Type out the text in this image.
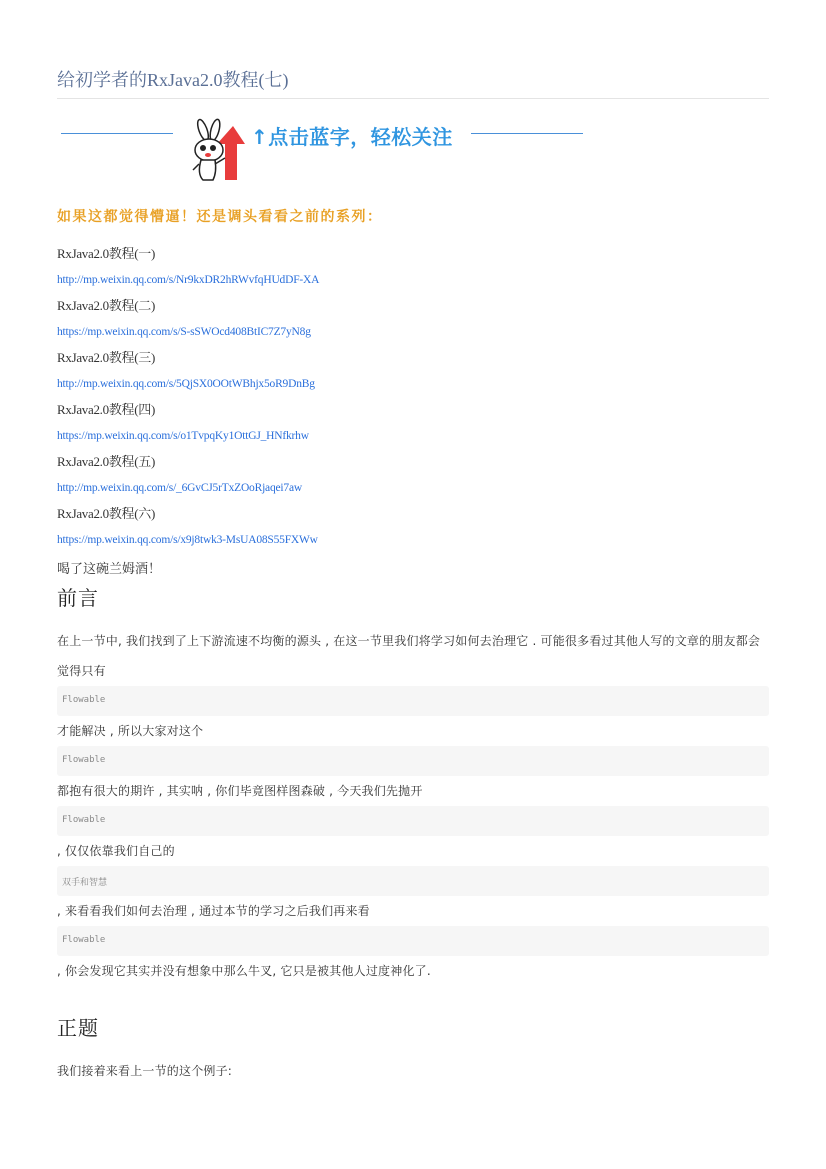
给初学者的RxJava2.0教程(七)
↑点击蓝字，轻松关注
如果这都觉得懵逼！还是调头看看之前的系列：
RxJava2.0教程(一)
http://mp.weixin.qq.com/s/Nr9kxDR2hRWvfqHUdDF-XA
RxJava2.0教程(二)
https://mp.weixin.qq.com/s/S-sSWOcd408BtIC7Z7yN8g
RxJava2.0教程(三)
http://mp.weixin.qq.com/s/5QjSX0OOtWBhjx5oR9DnBg
RxJava2.0教程(四)
https://mp.weixin.qq.com/s/o1TvpqKy1OttGJ_HNfkrhw
RxJava2.0教程(五)
http://mp.weixin.qq.com/s/_6GvCJ5rTxZOoRjaqei7aw
RxJava2.0教程(六)
https://mp.weixin.qq.com/s/x9j8twk3-MsUA08S55FXWw
喝了这碗兰姆酒！
前言
在上一节中, 我们找到了上下游流速不均衡的源头 , 在这一节里我们将学习如何去治理它 . 可能很多看过其他人写的文章的朋友都会觉得只有
Flowable
才能解决 , 所以大家对这个
Flowable
都抱有很大的期许 , 其实呐 , 你们毕竟图样图森破 , 今天我们先抛开
Flowable
, 仅仅依靠我们自己的
双手和智慧
, 来看看我们如何去治理 , 通过本节的学习之后我们再来看
Flowable
, 你会发现它其实并没有想象中那么牛叉, 它只是被其他人过度神化了.
正题
我们接着来看上一节的这个例子:
